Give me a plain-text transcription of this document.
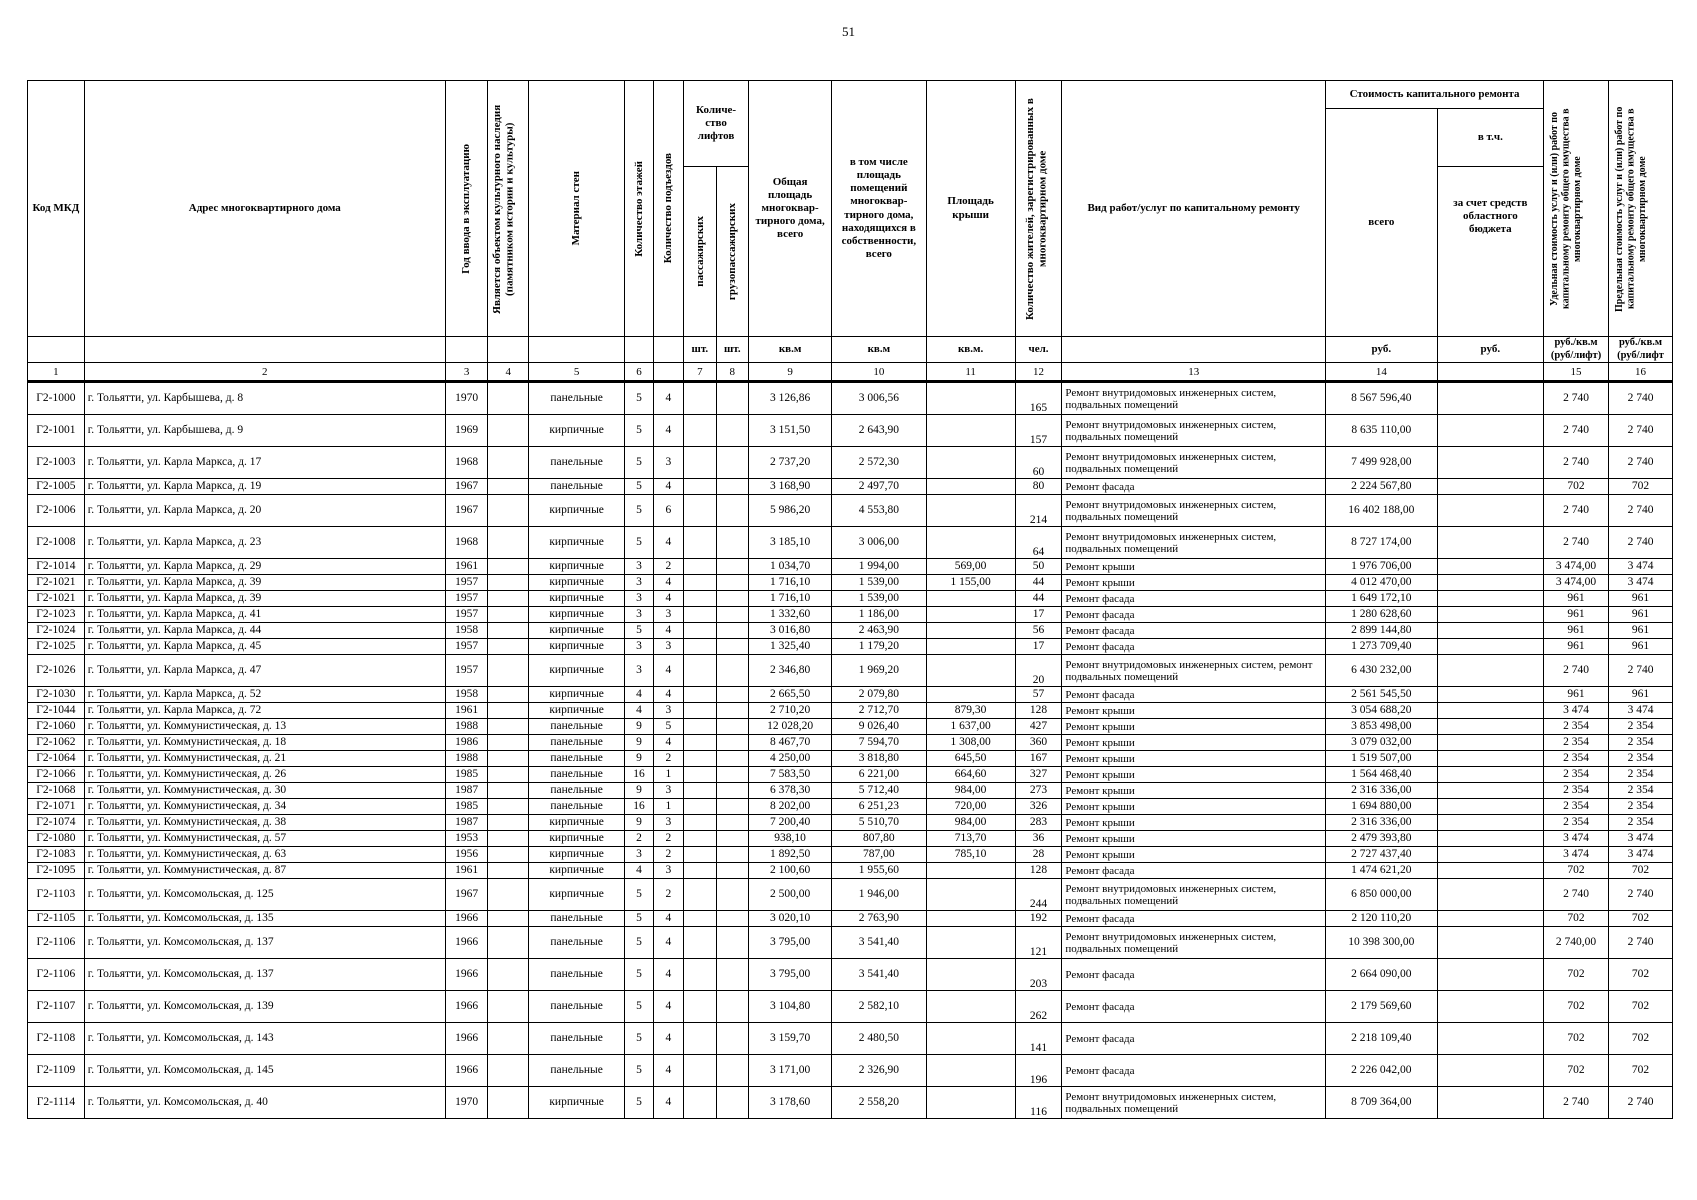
51
Код МКД	Адрес многоквартирного дома	Год ввода в эксплуатацию	Является объектом культурного наследия (памятником истории и культуры)	Материал стен	Количество этажей	Количество подъездов	Количе-ство лифтов		Общая площадь многоквар-тирного дома, всего	в том числе площадь помещений многоквар-тирного дома, находящихся в собственности, всего	Площадь крыши	Количество жителей, зарегистрированных в многоквартирном доме	Вид работ/услуг по капитальному ремонту	Стоимость капитального ремонта		Удельная стоимость услуг и (или) работ по капитальному ремонту общего имущества в многоквартирном доме	Предельная стоимость услуг и (или) работ по капитальному ремонту общего имущества в многоквартирном доме

														всего	в т.ч.		

							пассажирских	грузопассажирских							за счет средств областного бюджета		
							шт.	шт.	кв.м	кв.м	кв.м.	чел.		руб.	руб.	руб./кв.м (руб/лифт)	руб./кв.м (руб/лифт
1	2	3	4	5	6		7	8	9	10	11	12	13	14		15	16
Г2-1000	г. Тольятти, ул. Карбышева, д. 8	1970		панельные	5	4			3 126,86	3 006,56		165	Ремонт внутридомовых инженерных систем, подвальных помещений	8 567 596,40		2 740	2 740
Г2-1001	г. Тольятти, ул. Карбышева, д. 9	1969		кирпичные	5	4			3 151,50	2 643,90		157	Ремонт внутридомовых инженерных систем, подвальных помещений	8 635 110,00		2 740	2 740
Г2-1003	г. Тольятти, ул. Карла Маркса, д. 17	1968		панельные	5	3			2 737,20	2 572,30		60	Ремонт внутридомовых инженерных систем, подвальных помещений	7 499 928,00		2 740	2 740
Г2-1005	г. Тольятти, ул. Карла Маркса, д. 19	1967		панельные	5	4			3 168,90	2 497,70		80	Ремонт фасада	2 224 567,80		702	702
Г2-1006	г. Тольятти, ул. Карла Маркса, д. 20	1967		кирпичные	5	6			5 986,20	4 553,80		214	Ремонт внутридомовых инженерных систем, подвальных помещений	16 402 188,00		2 740	2 740
Г2-1008	г. Тольятти, ул. Карла Маркса, д. 23	1968		кирпичные	5	4			3 185,10	3 006,00		64	Ремонт внутридомовых инженерных систем, подвальных помещений	8 727 174,00		2 740	2 740
Г2-1014	г. Тольятти, ул. Карла Маркса, д. 29	1961		кирпичные	3	2			1 034,70	1 994,00	569,00	50	Ремонт крыши	1 976 706,00		3 474,00	3 474
Г2-1021	г. Тольятти, ул. Карла Маркса, д. 39	1957		кирпичные	3	4			1 716,10	1 539,00	1 155,00	44	Ремонт крыши	4 012 470,00		3 474,00	3 474
Г2-1021	г. Тольятти, ул. Карла Маркса, д. 39	1957		кирпичные	3	4			1 716,10	1 539,00		44	Ремонт фасада	1 649 172,10		961	961
Г2-1023	г. Тольятти, ул. Карла Маркса, д. 41	1957		кирпичные	3	3			1 332,60	1 186,00		17	Ремонт фасада	1 280 628,60		961	961
Г2-1024	г. Тольятти, ул. Карла Маркса, д. 44	1958		кирпичные	5	4			3 016,80	2 463,90		56	Ремонт фасада	2 899 144,80		961	961
Г2-1025	г. Тольятти, ул. Карла Маркса, д. 45	1957		кирпичные	3	3			1 325,40	1 179,20		17	Ремонт фасада	1 273 709,40		961	961
Г2-1026	г. Тольятти, ул. Карла Маркса, д. 47	1957		кирпичные	3	4			2 346,80	1 969,20		20	Ремонт внутридомовых инженерных систем, ремонт подвальных помещений	6 430 232,00		2 740	2 740
Г2-1030	г. Тольятти, ул. Карла Маркса, д. 52	1958		кирпичные	4	4			2 665,50	2 079,80		57	Ремонт фасада	2 561 545,50		961	961
Г2-1044	г. Тольятти, ул. Карла Маркса, д. 72	1961		кирпичные	4	3			2 710,20	2 712,70	879,30	128	Ремонт крыши	3 054 688,20		3 474	3 474
Г2-1060	г. Тольятти, ул. Коммунистическая, д. 13	1988		панельные	9	5			12 028,20	9 026,40	1 637,00	427	Ремонт крыши	3 853 498,00		2 354	2 354
Г2-1062	г. Тольятти, ул. Коммунистическая, д. 18	1986		панельные	9	4			8 467,70	7 594,70	1 308,00	360	Ремонт крыши	3 079 032,00		2 354	2 354
Г2-1064	г. Тольятти, ул. Коммунистическая, д. 21	1988		панельные	9	2			4 250,00	3 818,80	645,50	167	Ремонт крыши	1 519 507,00		2 354	2 354
Г2-1066	г. Тольятти, ул. Коммунистическая, д. 26	1985		панельные	16	1			7 583,50	6 221,00	664,60	327	Ремонт крыши	1 564 468,40		2 354	2 354
Г2-1068	г. Тольятти, ул. Коммунистическая, д. 30	1987		панельные	9	3			6 378,30	5 712,40	984,00	273	Ремонт крыши	2 316 336,00		2 354	2 354
Г2-1071	г. Тольятти, ул. Коммунистическая, д. 34	1985		панельные	16	1			8 202,00	6 251,23	720,00	326	Ремонт крыши	1 694 880,00		2 354	2 354
Г2-1074	г. Тольятти, ул. Коммунистическая, д. 38	1987		кирпичные	9	3			7 200,40	5 510,70	984,00	283	Ремонт крыши	2 316 336,00		2 354	2 354
Г2-1080	г. Тольятти, ул. Коммунистическая, д. 57	1953		кирпичные	2	2			938,10	807,80	713,70	36	Ремонт крыши	2 479 393,80		3 474	3 474
Г2-1083	г. Тольятти, ул. Коммунистическая, д. 63	1956		кирпичные	3	2			1 892,50	787,00	785,10	28	Ремонт крыши	2 727 437,40		3 474	3 474
Г2-1095	г. Тольятти, ул. Коммунистическая, д. 87	1961		кирпичные	4	3			2 100,60	1 955,60		128	Ремонт фасада	1 474 621,20		702	702
Г2-1103	г. Тольятти, ул. Комсомольская, д. 125	1967		кирпичные	5	2			2 500,00	1 946,00		244	Ремонт внутридомовых инженерных систем, подвальных помещений	6 850 000,00		2 740	2 740
Г2-1105	г. Тольятти, ул. Комсомольская, д. 135	1966		панельные	5	4			3 020,10	2 763,90		192	Ремонт фасада	2 120 110,20		702	702
Г2-1106	г. Тольятти, ул. Комсомольская, д. 137	1966		панельные	5	4			3 795,00	3 541,40		121	Ремонт внутридомовых инженерных систем, подвальных помещений	10 398 300,00		2 740,00	2 740
Г2-1106	г. Тольятти, ул. Комсомольская, д. 137	1966		панельные	5	4			3 795,00	3 541,40		203	Ремонт фасада	2 664 090,00		702	702
Г2-1107	г. Тольятти, ул. Комсомольская, д. 139	1966		панельные	5	4			3 104,80	2 582,10		262	Ремонт фасада	2 179 569,60		702	702
Г2-1108	г. Тольятти, ул. Комсомольская, д. 143	1966		панельные	5	4			3 159,70	2 480,50		141	Ремонт фасада	2 218 109,40		702	702
Г2-1109	г. Тольятти, ул. Комсомольская, д. 145	1966		панельные	5	4			3 171,00	2 326,90		196	Ремонт фасада	2 226 042,00		702	702
Г2-1114	г. Тольятти, ул. Комсомольская, д. 40	1970		кирпичные	5	4			3 178,60	2 558,20		116	Ремонт внутридомовых инженерных систем, подвальных помещений	8 709 364,00		2 740	2 740
